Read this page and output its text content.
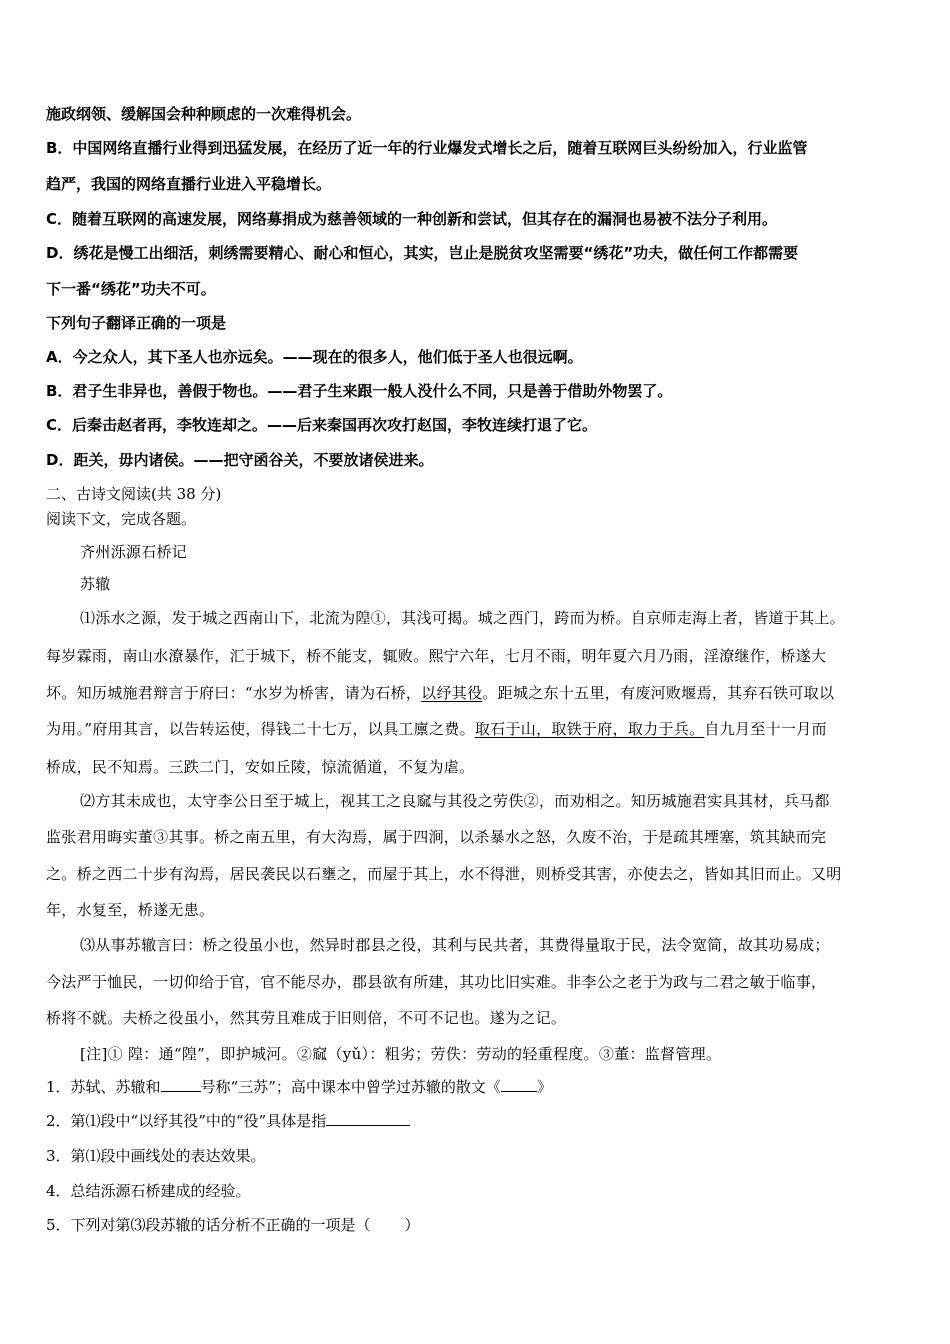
施政纲领、缓解国会种种顾虑的一次难得机会。
B．中国网络直播行业得到迅猛发展，在经历了近一年的行业爆发式增长之后，随着互联网巨头纷纷加入，行业监管
趋严，我国的网络直播行业进入平稳增长。
C．随着互联网的高速发展，网络募捐成为慈善领域的一种创新和尝试，但其存在的漏洞也易被不法分子利用。
D．绣花是慢工出细活，刺绣需要精心、耐心和恒心，其实，岂止是脱贫攻坚需要“绣花”功夫，做任何工作都需要
下一番“绣花”功夫不可。
下列句子翻译正确的一项是
A．今之众人，其下圣人也亦远矣。——现在的很多人，他们低于圣人也很远啊。
B．君子生非异也，善假于物也。——君子生来跟一般人没什么不同，只是善于借助外物罢了。
C．后秦击赵者再，李牧连却之。——后来秦国再次攻打赵国，李牧连续打退了它。
D．距关，毋内诸侯。——把守函谷关，不要放诸侯进来。
二、古诗文阅读(共 38 分)
阅读下文，完成各题。
齐州泺源石桥记
苏辙
⑴泺水之源，发于城之西南山下，北流为隍①，其浅可揭。城之西门，跨而为桥。自京师走海上者，皆道于其上。
每岁霖雨，南山水潦暴作，汇于城下，桥不能支，辄败。熙宁六年，七月不雨，明年夏六月乃雨，淫潦继作，桥遂大
坏。知历城施君辩言于府曰：“水岁为桥害，请为石桥，以纾其役。距城之东十五里，有废河败堰焉，其弃石铁可取以
为用。”府用其言，以告转运使，得钱二十七万，以具工廪之费。取石于山，取铁于府，取力于兵。自九月至十一月而
桥成，民不知焉。三跌二门，安如丘陵，惊流循道，不复为虐。
⑵方其未成也，太守李公日至于城上，视其工之良窳与其役之劳佚②，而劝相之。知历城施君实具其材，兵马都
监张君用晦实董③其事。桥之南五里，有大沟焉，属于四涧，以杀暴水之怒，久废不治，于是疏其堙塞，筑其缺而完
之。桥之西二十步有沟焉，居民袭民以石壅之，而屋于其上，水不得泄，则桥受其害，亦使去之，皆如其旧而止。又明
年，水复至，桥遂无患。
⑶从事苏辙言曰：桥之役虽小也，然异时郡县之役，其利与民共者，其费得量取于民，法令宽简，故其功易成；
今法严于恤民，一切仰给于官，官不能尽办，郡县欲有所建，其功比旧实难。非李公之老于为政与二君之敏于临事，
桥将不就。夫桥之役虽小，然其劳且难成于旧则倍，不可不记也。遂为之记。
[注]① 隍：通“隍”，即护城河。②窳（yǔ）：粗劣；劳佚：劳动的轻重程度。③董：监督管理。
1．苏轼、苏辙和	号称“三苏”；高中课本中曾学过苏辙的散文《 》
2．第⑴段中“以纾其役”中的“役”具体是指
3．第⑴段中画线处的表达效果。
4．总结泺源石桥建成的经验。
5．下列对第⑶段苏辙的话分析不正确的一项是（ ）
